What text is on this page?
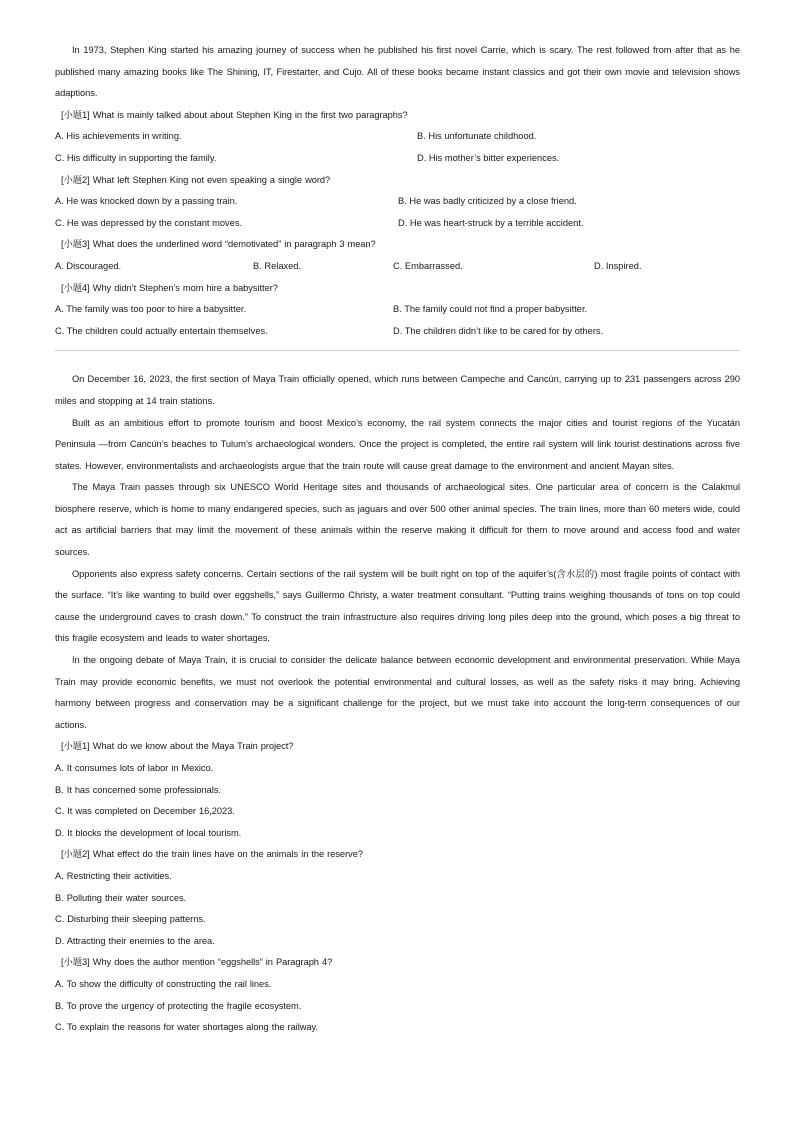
In 1973, Stephen King started his amazing journey of success when he published his first novel Carrie, which is scary. The rest followed from after that as he published many amazing books like The Shining, IT, Firestarter, and Cujo. All of these books became instant classics and got their own movie and television shows adaptions.

[小题1] What is mainly talked about about Stephen King in the first two paragraphs?
A. His achievements in writing.	B. His unfortunate childhood.
C. His difficulty in supporting the family.	D. His mother’s bitter experiences.
[小题2] What left Stephen King not even speaking a single word?
A. He was knocked down by a passing train.	B. He was badly criticized by a close friend.
C. He was depressed by the constant moves.	D. He was heart-struck by a terrible accident.
[小题3] What does the underlined word “demotivated” in paragraph 3 mean?
A. Discouraged.	B. Relaxed.	C. Embarrassed.	D. Inspired.
[小题4] Why didn’t Stephen’s mom hire a babysitter?
A. The family was too poor to hire a babysitter.	B. The family could not find a proper babysitter.
C. The children could actually entertain themselves.	D. The children didn’t like to be cared for by others.

On December 16, 2023, the first section of Maya Train officially opened, which runs between Campeche and Cancún, carrying up to 231 passengers across 290 miles and stopping at 14 train stations.

Built as an ambitious effort to promote tourism and boost Mexico’s economy, the rail system connects the major cities and tourist regions of the Yucatán Peninsula —from Cancún’s beaches to Tulum’s archaeological wonders. Once the project is completed, the entire rail system will link tourist destinations across five states. However, environmentalists and archaeologists argue that the train route will cause great damage to the environment and ancient Mayan sites.

The Maya Train passes through six UNESCO World Heritage sites and thousands of archaeological sites. One particular area of concern is the Calakmul biosphere reserve, which is home to many endangered species, such as jaguars and over 500 other animal species. The train lines, more than 60 meters wide, could act as artificial barriers that may limit the movement of these animals within the reserve making it difficult for them to move around and access food and water sources.

Opponents also express safety concerns. Certain sections of the rail system will be built right on top of the aquifer’s(含水层的) most fragile points of contact with the surface. “It’s like wanting to build over eggshells,” says Guillermo Christy, a water treatment consultant. “Putting trains weighing thousands of tons on top could cause the underground caves to crash down.” To construct the train infrastructure also requires driving long piles deep into the ground, which poses a big threat to this fragile ecosystem and leads to water shortages.

In the ongoing debate of Maya Train, it is crucial to consider the delicate balance between economic development and environmental preservation. While Maya Train may provide economic benefits, we must not overlook the potential environmental and cultural losses, as well as the safety risks it may bring. Achieving harmony between progress and conservation may be a significant challenge for the project, but we must take into account the long-term consequences of our actions.

[小题1] What do we know about the Maya Train project?
A. It consumes lots of labor in Mexico.
B. It has concerned some professionals.
C. It was completed on December 16,2023.
D. It blocks the development of local tourism.
[小题2] What effect do the train lines have on the animals in the reserve?
A. Restricting their activities.
B. Polluting their water sources.
C. Disturbing their sleeping patterns.
D. Attracting their enemies to the area.
[小题3] Why does the author mention “eggshells” in Paragraph 4?
A. To show the difficulty of constructing the rail lines.
B. To prove the urgency of protecting the fragile ecosystem.
C. To explain the reasons for water shortages along the railway.
